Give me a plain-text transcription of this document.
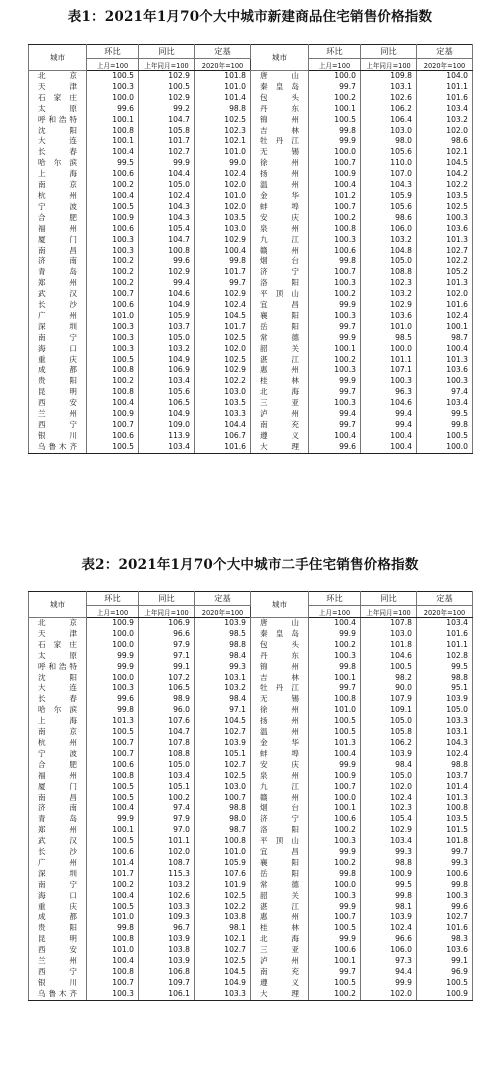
表1：2021年1月70个大中城市新建商品住宅销售价格指数
城市	环比	同比	定基	城市	环比	同比	定基
	上月=100	上年同月=100	2020年=100		上月=100	上年同月=100	2020年=100
北京	100.5	102.9	101.8	唐山	100.0	109.8	104.0
天津	100.3	100.5	101.0	秦皇岛	99.7	103.1	101.1
石家庄	100.0	102.9	101.4	包头	100.2	102.6	101.6
太原	99.6	99.2	98.8	丹东	100.1	106.2	103.4
呼和浩特	100.1	104.7	102.5	锦州	100.5	106.4	103.2
沈阳	100.8	105.8	102.3	吉林	99.8	103.0	102.0
大连	100.1	101.7	102.1	牡丹江	99.9	98.0	98.6
长春	100.4	102.7	101.0	无锡	100.0	105.6	102.1
哈尔滨	99.5	99.9	99.0	徐州	100.7	110.0	104.5
上海	100.6	104.4	102.4	扬州	100.9	107.0	104.2
南京	100.2	105.0	102.0	温州	100.4	104.3	102.2
杭州	100.4	102.4	101.0	金华	101.2	105.9	103.5
宁波	100.5	104.3	102.0	蚌埠	100.7	105.6	102.5
合肥	100.9	104.3	103.5	安庆	100.2	98.6	100.3
福州	100.6	105.4	103.0	泉州	100.8	106.0	103.6
厦门	100.3	104.7	102.9	九江	100.3	103.2	101.3
南昌	100.3	100.8	100.4	赣州	100.6	104.8	102.7
济南	100.2	99.6	99.8	烟台	99.8	105.0	102.2
青岛	100.2	102.9	101.7	济宁	100.7	108.8	105.2
郑州	100.2	99.4	99.7	洛阳	100.3	102.3	101.3
武汉	100.7	104.6	102.9	平顶山	100.2	103.2	102.0
长沙	100.6	104.9	102.4	宜昌	99.9	102.9	101.6
广州	101.0	105.9	104.5	襄阳	100.3	103.6	102.4
深圳	100.3	103.7	101.7	岳阳	99.7	101.0	100.1
南宁	100.3	105.0	102.5	常德	99.9	98.5	98.7
海口	100.3	103.2	102.0	韶关	100.1	100.0	100.4
重庆	100.5	104.9	102.5	湛江	100.2	101.1	101.3
成都	100.8	106.9	102.9	惠州	100.3	107.1	103.6
贵阳	100.2	103.4	102.2	桂林	99.9	100.3	100.3
昆明	100.8	105.6	103.0	北海	99.7	96.3	97.4
西安	100.4	106.5	103.5	三亚	100.3	104.6	103.4
兰州	100.9	104.9	103.3	泸州	99.4	99.4	99.5
西宁	100.7	109.0	104.4	南充	99.7	99.4	99.8
银川	100.6	113.9	106.7	遵义	100.4	100.4	100.5
乌鲁木齐	100.5	103.4	101.6	大理	99.6	100.4	100.0
表2：2021年1月70个大中城市二手住宅销售价格指数
城市	环比	同比	定基	城市	环比	同比	定基
	上月=100	上年同月=100	2020年=100		上月=100	上年同月=100	2020年=100
北京	100.9	106.9	103.9	唐山	100.4	107.8	103.4
天津	100.0	96.6	98.5	秦皇岛	99.9	103.0	101.6
石家庄	100.0	97.9	98.8	包头	100.2	101.8	101.1
太原	99.9	97.1	98.4	丹东	100.3	104.6	102.8
呼和浩特	99.9	99.1	99.3	锦州	99.8	100.5	99.5
沈阳	100.0	107.2	103.1	吉林	100.1	98.2	98.8
大连	100.3	106.5	103.2	牡丹江	99.7	90.0	95.1
长春	99.6	98.9	98.4	无锡	100.8	107.9	103.9
哈尔滨	99.8	96.0	97.1	徐州	101.0	109.1	105.0
上海	101.3	107.6	104.5	扬州	100.5	105.0	103.3
南京	100.5	104.7	102.7	温州	100.5	105.8	103.1
杭州	100.7	107.8	103.9	金华	101.3	106.2	104.3
宁波	100.7	108.8	105.1	蚌埠	100.4	103.9	102.4
合肥	100.6	105.0	102.7	安庆	99.9	98.4	98.8
福州	100.8	103.4	102.5	泉州	100.9	105.0	103.7
厦门	100.5	105.1	103.0	九江	100.7	102.0	101.4
南昌	100.5	100.2	100.7	赣州	100.0	102.4	101.3
济南	100.4	97.4	98.8	烟台	100.1	102.3	100.8
青岛	99.9	97.9	98.0	济宁	100.6	105.4	103.5
郑州	100.1	97.0	98.7	洛阳	100.2	102.9	101.5
武汉	100.5	101.1	100.8	平顶山	100.3	103.4	101.8
长沙	100.6	102.0	101.0	宜昌	99.9	99.3	99.7
广州	101.4	108.7	105.9	襄阳	100.2	98.8	99.3
深圳	101.7	115.3	107.6	岳阳	99.8	100.9	100.6
南宁	100.2	103.2	101.9	常德	100.0	99.5	99.8
海口	100.4	102.6	102.5	韶关	100.3	99.8	100.3
重庆	100.5	103.3	102.2	湛江	99.9	98.1	99.6
成都	101.0	109.3	103.8	惠州	100.7	103.9	102.7
贵阳	99.8	96.7	98.1	桂林	100.5	102.4	101.6
昆明	100.8	103.9	102.1	北海	99.9	96.6	98.3
西安	101.0	103.8	102.7	三亚	100.6	106.0	103.6
兰州	100.4	103.9	102.5	泸州	100.1	97.3	99.1
西宁	100.8	106.8	104.5	南充	99.7	94.4	96.9
银川	100.7	109.7	104.9	遵义	100.5	99.9	100.5
乌鲁木齐	100.3	106.1	103.3	大理	100.2	102.0	100.9
